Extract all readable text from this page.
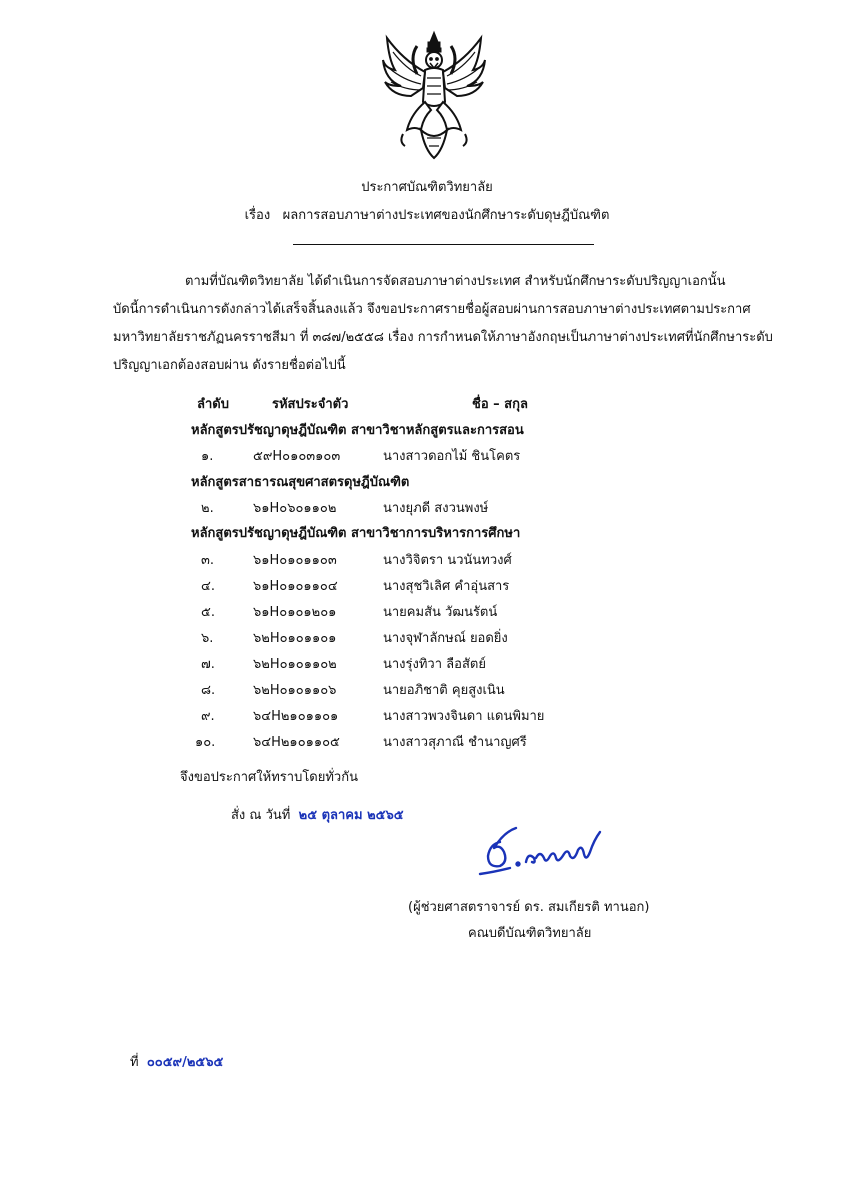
ประกาศบัณฑิตวิทยาลัย
เรื่อง ผลการสอบภาษาต่างประเทศของนักศึกษาระดับดุษฎีบัณฑิต
ตามที่บัณฑิตวิทยาลัย ได้ดำเนินการจัดสอบภาษาต่างประเทศ สำหรับนักศึกษาระดับปริญญาเอกนั้น
บัดนี้การดำเนินการดังกล่าวได้เสร็จสิ้นลงแล้ว จึงขอประกาศรายชื่อผู้สอบผ่านการสอบภาษาต่างประเทศตามประกาศ
มหาวิทยาลัยราชภัฏนครราชสีมา ที่ ๓๘๗/๒๕๕๘ เรื่อง การกำหนดให้ภาษาอังกฤษเป็นภาษาต่างประเทศที่นักศึกษาระดับ
ปริญญาเอกต้องสอบผ่าน ดังรายชื่อต่อไปนี้
ลำดับ	รหัสประจำตัว	ชื่อ – สกุล
หลักสูตรปรัชญาดุษฎีบัณฑิต สาขาวิชาหลักสูตรและการสอน
๑.	๕๙H๐๑๐๓๑๐๓	นางสาวดอกไม้ ชินโคตร
หลักสูตรสาธารณสุขศาสตรดุษฎีบัณฑิต
๒.	๖๑H๐๖๐๑๑๐๒	นางยุภดี สงวนพงษ์
หลักสูตรปรัชญาดุษฎีบัณฑิต สาขาวิชาการบริหารการศึกษา
๓.	๖๑H๐๑๐๑๑๐๓	นางวิจิตรา นวนันทวงศ์
๔.	๖๑H๐๑๐๑๑๐๔	นางสุชวิเลิศ คำอุ่นสาร
๕.	๖๑H๐๑๐๑๒๐๑	นายคมสัน วัฒนรัตน์
๖.	๖๒H๐๑๐๑๑๐๑	นางจุฬาลักษณ์ ยอดยิ่ง
๗.	๖๒H๐๑๐๑๑๐๒	นางรุ่งทิวา ลือสัตย์
๘.	๖๒H๐๑๐๑๑๐๖	นายอภิชาติ คุยสูงเนิน
๙.	๖๔H๒๑๐๑๑๐๑	นางสาวพวงจินดา แดนพิมาย
๑๐.	๖๔H๒๑๐๑๑๐๕	นางสาวสุภาณี ชำนาญศรี
จึงขอประกาศให้ทราบโดยทั่วกัน
สั่ง ณ วันที่ ๒๕ ตุลาคม ๒๕๖๕
(ผู้ช่วยศาสตราจารย์ ดร. สมเกียรติ ทานอก)
คณบดีบัณฑิตวิทยาลัย
ที่ ๐๐๕๙/๒๕๖๕
